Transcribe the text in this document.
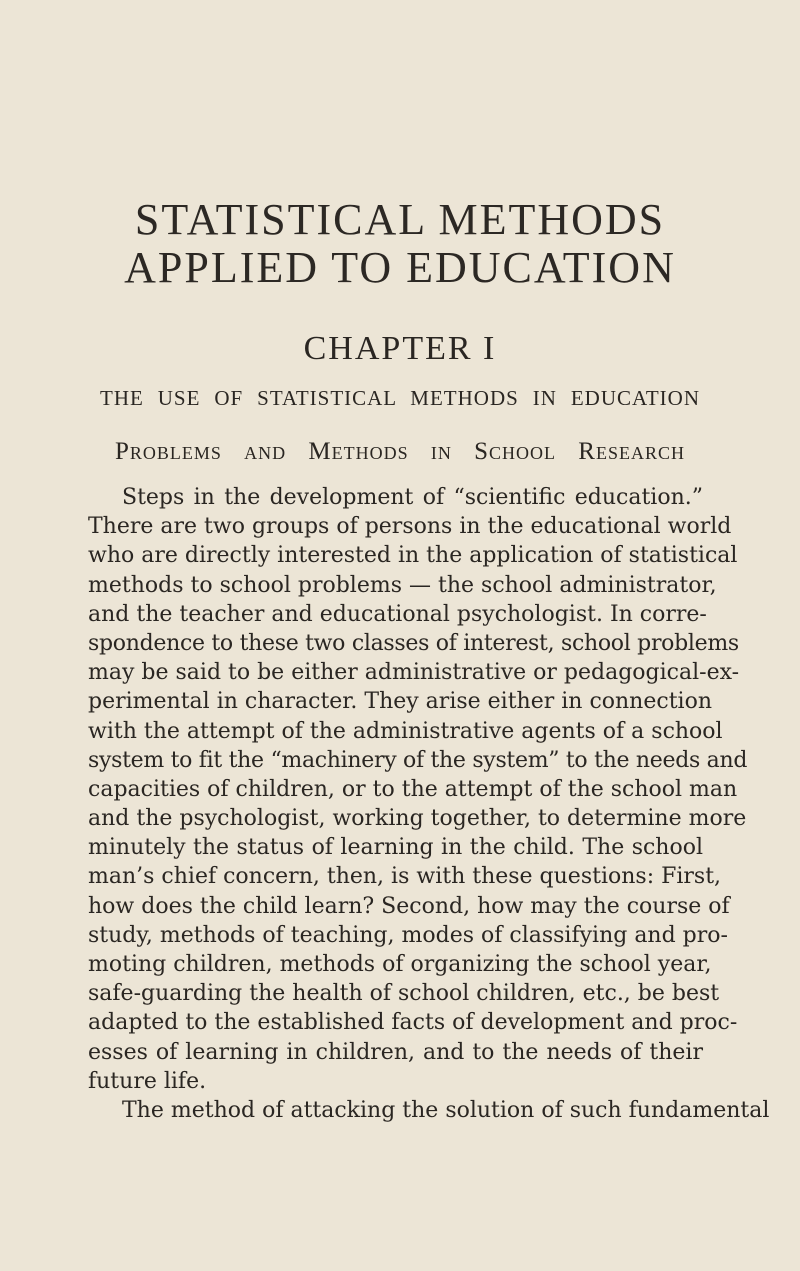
STATISTICAL METHODS
APPLIED TO EDUCATION
CHAPTER I
THE USE OF STATISTICAL METHODS IN EDUCATION
Problems and Methods in School Research
Steps in the development of “scientific education.”
There are two groups of persons in the educational world
who are directly interested in the application of statistical
methods to school problems — the school administrator,
and the teacher and educational psychologist. In corre-
spondence to these two classes of interest, school problems
may be said to be either administrative or pedagogical-ex-
perimental in character. They arise either in connection
with the attempt of the administrative agents of a school
system to fit the “machinery of the system” to the needs and
capacities of children, or to the attempt of the school man
and the psychologist, working together, to determine more
minutely the status of learning in the child. The school
man’s chief concern, then, is with these questions: First,
how does the child learn? Second, how may the course of
study, methods of teaching, modes of classifying and pro-
moting children, methods of organizing the school year,
safe-guarding the health of school children, etc., be best
adapted to the established facts of development and proc-
esses of learning in children, and to the needs of their
future life.
The method of attacking the solution of such fundamental
